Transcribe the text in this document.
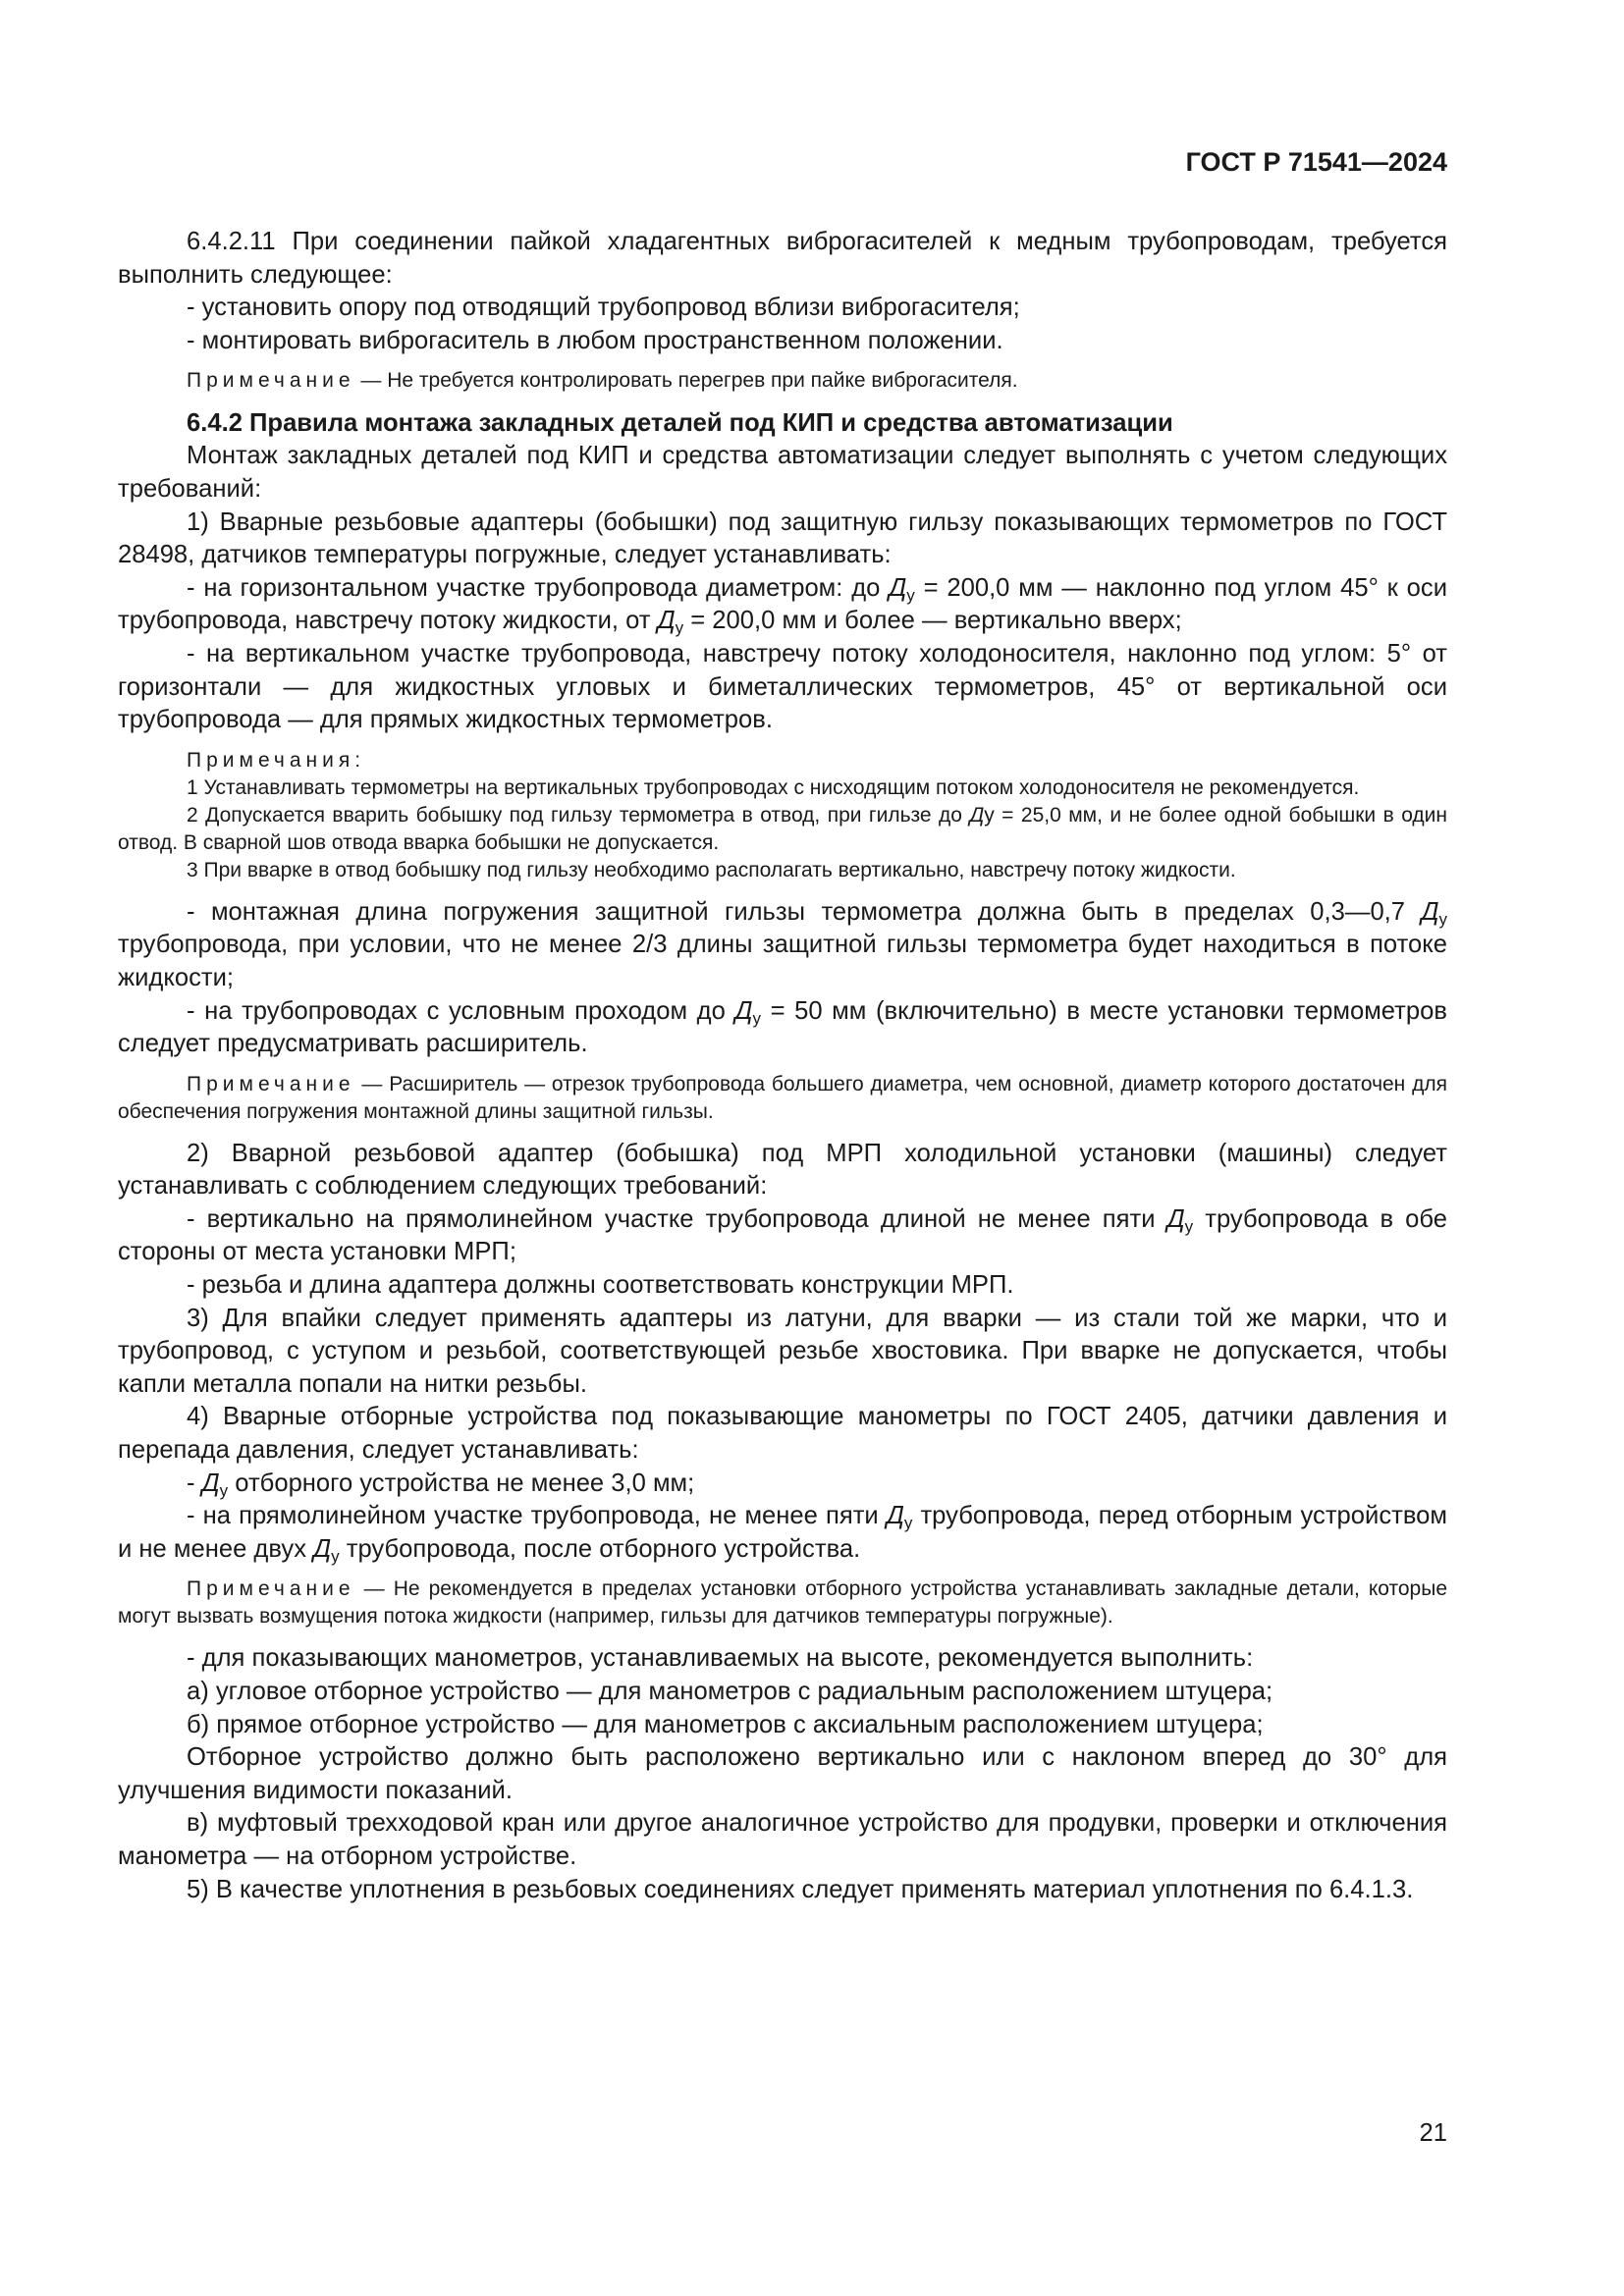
ГОСТ Р 71541—2024

6.4.2.11 При соединении пайкой хладагентных виброгасителей к медным трубопроводам, требуется выполнить следующее:

- установить опору под отводящий трубопровод вблизи виброгасителя;

- монтировать виброгаситель в любом пространственном положении.

Примечание — Не требуется контролировать перегрев при пайке виброгасителя.

6.4.2 Правила монтажа закладных деталей под КИП и средства автоматизации

Монтаж закладных деталей под КИП и средства автоматизации следует выполнять с учетом следующих требований:

1) Вварные резьбовые адаптеры (бобышки) под защитную гильзу показывающих термометров по ГОСТ 28498, датчиков температуры погружные, следует устанавливать:

- на горизонтальном участке трубопровода диаметром: до $Д_у = 200,0$ мм — наклонно под углом 45° к оси трубопровода, навстречу потоку жидкости, от $Д_у = 200,0$ мм и более — вертикально вверх;

- на вертикальном участке трубопровода, навстречу потоку холодоносителя, наклонно под углом: 5° от горизонтали — для жидкостных угловых и биметаллических термометров, 45° от вертикальной оси трубопровода — для прямых жидкостных термометров.

Примечания:

1 Устанавливать термометры на вертикальных трубопроводах с нисходящим потоком холодоносителя не рекомендуется.

2 Допускается вварить бобышку под гильзу термометра в отвод, при гильзе до Ду = 25,0 мм, и не более одной бобышки в один отвод. В сварной шов отвода вварка бобышки не допускается.

3 При вварке в отвод бобышку под гильзу необходимо располагать вертикально, навстречу потоку жидкости.

- монтажная длина погружения защитной гильзы термометра должна быть в пределах 0,3—0,7 $Д_у$ трубопровода, при условии, что не менее 2/3 длины защитной гильзы термометра будет находиться в потоке жидкости;

- на трубопроводах с условным проходом до $Д_у = 50$ мм (включительно) в месте установки термометров следует предусматривать расширитель.

Примечание — Расширитель — отрезок трубопровода большего диаметра, чем основной, диаметр которого достаточен для обеспечения погружения монтажной длины защитной гильзы.

2) Вварной резьбовой адаптер (бобышка) под МРП холодильной установки (машины) следует устанавливать с соблюдением следующих требований:

- вертикально на прямолинейном участке трубопровода длиной не менее пяти $Д_у$ трубопровода в обе стороны от места установки МРП;

- резьба и длина адаптера должны соответствовать конструкции МРП.

3) Для впайки следует применять адаптеры из латуни, для вварки — из стали той же марки, что и трубопровод, с уступом и резьбой, соответствующей резьбе хвостовика. При вварке не допускается, чтобы капли металла попали на нитки резьбы.

4) Вварные отборные устройства под показывающие манометры по ГОСТ 2405, датчики давления и перепада давления, следует устанавливать:

- $Д_у$ отборного устройства не менее 3,0 мм;

- на прямолинейном участке трубопровода, не менее пяти $Д_у$ трубопровода, перед отборным устройством и не менее двух $Д_у$ трубопровода, после отборного устройства.

Примечание — Не рекомендуется в пределах установки отборного устройства устанавливать закладные детали, которые могут вызвать возмущения потока жидкости (например, гильзы для датчиков температуры погружные).

- для показывающих манометров, устанавливаемых на высоте, рекомендуется выполнить:

а) угловое отборное устройство — для манометров с радиальным расположением штуцера;

б) прямое отборное устройство — для манометров с аксиальным расположением штуцера;

Отборное устройство должно быть расположено вертикально или с наклоном вперед до 30° для улучшения видимости показаний.

в) муфтовый трехходовой кран или другое аналогичное устройство для продувки, проверки и отключения манометра — на отборном устройстве.

5) В качестве уплотнения в резьбовых соединениях следует применять материал уплотнения по 6.4.1.3.

21
